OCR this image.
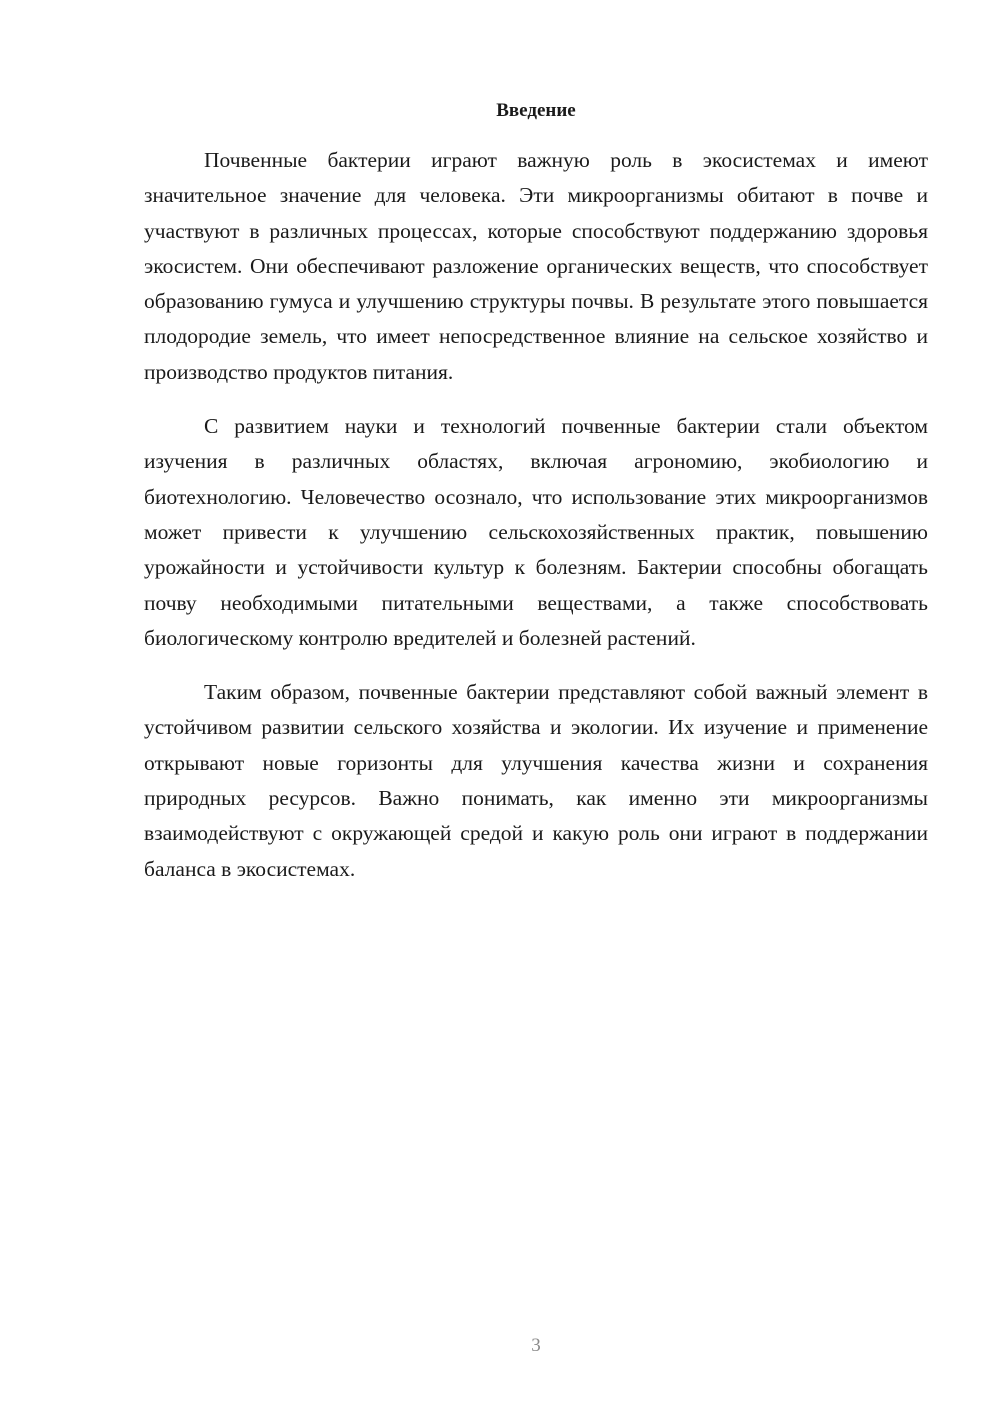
Введение

Почвенные бактерии играют важную роль в экосистемах и имеют значительное значение для человека. Эти микроорганизмы обитают в почве и участвуют в различных процессах, которые способствуют поддержанию здоровья экосистем. Они обеспечивают разложение органических веществ, что способствует образованию гумуса и улучшению структуры почвы. В результате этого повышается плодородие земель, что имеет непосредственное влияние на сельское хозяйство и производство продуктов питания.

С развитием науки и технологий почвенные бактерии стали объектом изучения в различных областях, включая агрономию, экобиологию и биотехнологию. Человечество осознало, что использование этих микроорганизмов может привести к улучшению сельскохозяйственных практик, повышению урожайности и устойчивости культур к болезням. Бактерии способны обогащать почву необходимыми питательными веществами, а также способствовать биологическому контролю вредителей и болезней растений.

Таким образом, почвенные бактерии представляют собой важный элемент в устойчивом развитии сельского хозяйства и экологии. Их изучение и применение открывают новые горизонты для улучшения качества жизни и сохранения природных ресурсов. Важно понимать, как именно эти микроорганизмы взаимодействуют с окружающей средой и какую роль они играют в поддержании баланса в экосистемах.

3
